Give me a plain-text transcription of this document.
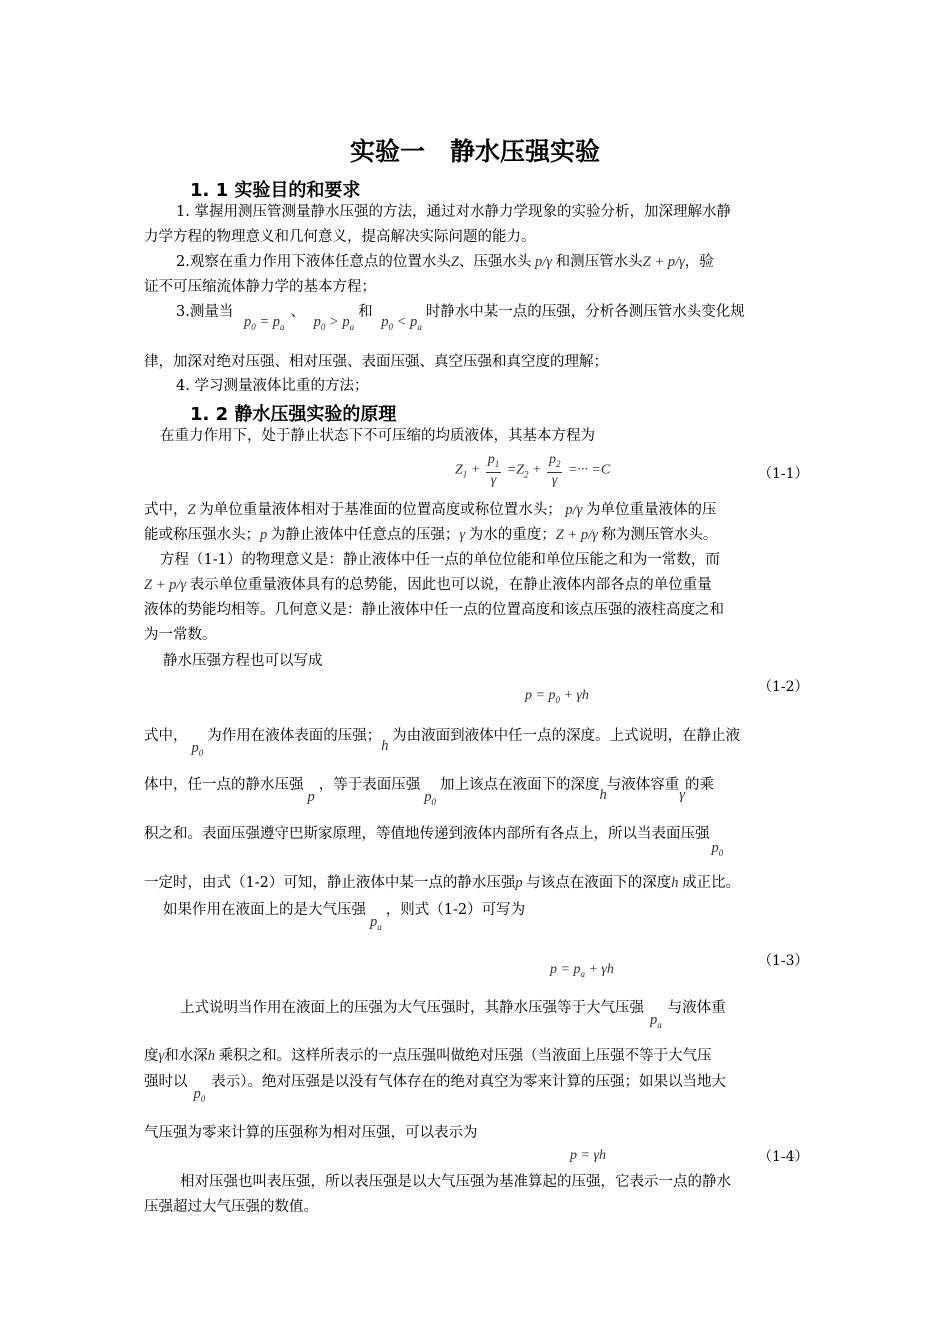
实验一　静水压强实验
1. 1 实验目的和要求
1. 掌握用测压管测量静水压强的方法，通过对水静力学现象的实验分析，加深理解水静
力学方程的物理意义和几何意义，提高解决实际问题的能力。
2.观察在重力作用下液体任意点的位置水头Z、压强水头 p/γ 和测压管水头Z + p/γ，验
证不可压缩流体静力学的基本方程；
3.测量当 $p_0 = p_a$、 $p_0 > p_a$和 $p_0 < p_a$时静水中某一点的压强，分析各测压管水头变化规
律，加深对绝对压强、相对压强、表面压强、真空压强和真空度的理解；
4. 学习测量液体比重的方法；
1. 2 静水压强实验的原理
在重力作用下，处于静止状态下不可压缩的均质液体，其基本方程为
$Z_1 + \frac{p_1}{\gamma} =Z_2 + \frac{p_2}{\gamma}$ =··· =C	（1-1）
式中，Z 为单位重量液体相对于基准面的位置高度或称位置水头； p/γ 为单位重量液体的压
能或称压强水头；p 为静止液体中任意点的压强；γ 为水的重度；Z + p/γ 称为测压管水头。
方程（1-1）的物理意义是：静止液体中任一点的单位位能和单位压能之和为一常数，而
Z + p/γ 表示单位重量液体具有的总势能，因此也可以说，在静止液体内部各点的单位重量
液体的势能均相等。几何意义是：静止液体中任一点的位置高度和该点压强的液柱高度之和
为一常数。
静水压强方程也可以写成
$p = p_0 + \gamma h$
（1-2）
式中，$p_0$为作用在液体表面的压强；h 为由液面到液体中任一点的深度。上式说明，在静止液
体中，任一点的静水压强p，等于表面压强$p_0$加上该点在液面下的深度h与液体容重γ的乘
积之和。表面压强遵守巴斯家原理，等值地传递到液体内部所有各点上，所以当表面压强$p_0$
一定时，由式（1-2）可知，静止液体中某一点的静水压强p 与该点在液面下的深度h 成正比。
如果作用在液面上的是大气压强$p_a$，则式（1-2）可写为
$p = p_a + \gamma h$
（1-3）
上式说明当作用在液面上的压强为大气压强时，其静水压强等于大气压强$p_a$与液体重
度γ和水深h 乘积之和。这样所表示的一点压强叫做绝对压强（当液面上压强不等于大气压
强时以$p_0$表示）。绝对压强是以没有气体存在的绝对真空为零来计算的压强；如果以当地大
气压强为零来计算的压强称为相对压强，可以表示为
p = γh	（1-4）
相对压强也叫表压强，所以表压强是以大气压强为基准算起的压强，它表示一点的静水
压强超过大气压强的数值。
